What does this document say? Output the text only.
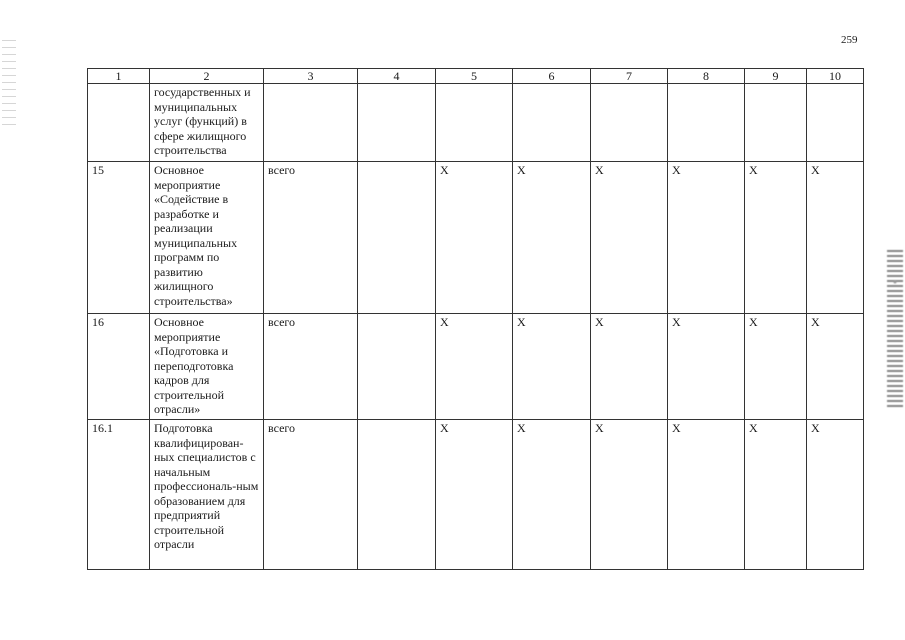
259
1	2	3	4	5	6	7	8	9	10
	государственных и муниципальных услуг (функций) в сфере жилищного строительства								
15	Основное мероприятие «Содействие в разработке и реализации муниципальных программ по развитию жилищного строительства»	всего		X	X	X	X	X	X
16	Основное мероприятие «Подготовка и переподготовка кадров для строительной отрасли»	всего		X	X	X	X	X	X
16.1	Подготовка квалифицирован-ных специалистов с начальным профессиональ-ным образованием для предприятий строительной отрасли	всего		X	X	X	X	X	X
